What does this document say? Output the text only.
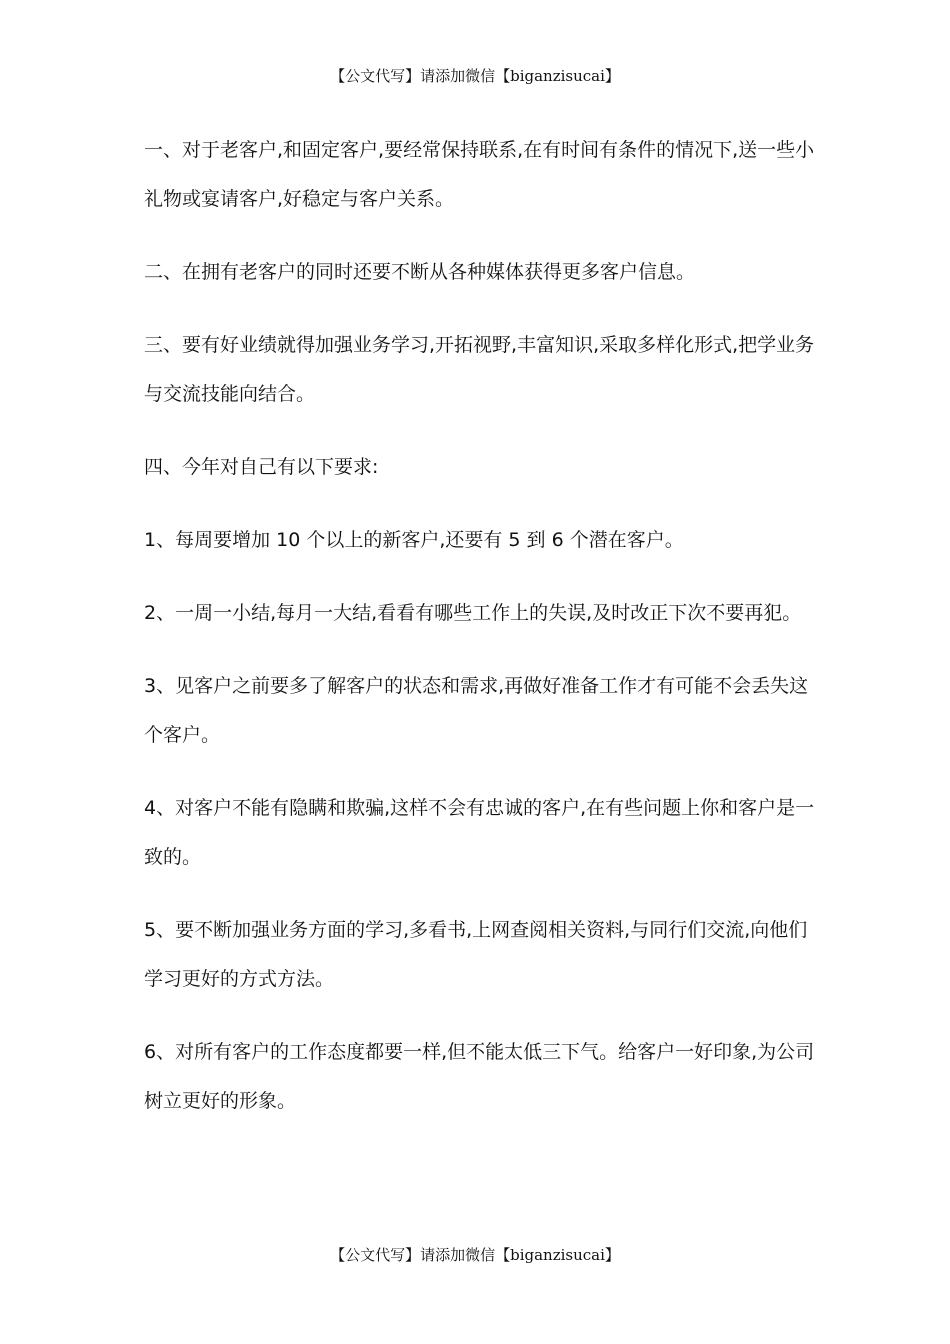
【公文代写】请添加微信【biganzisucai】

一、对于老客户,和固定客户,要经常保持联系,在有时间有条件的情况下,送一些小礼物或宴请客户,好稳定与客户关系。

二、在拥有老客户的同时还要不断从各种媒体获得更多客户信息。

三、要有好业绩就得加强业务学习,开拓视野,丰富知识,采取多样化形式,把学业务与交流技能向结合。

四、今年对自己有以下要求:

1、每周要增加 10 个以上的新客户,还要有 5 到 6 个潜在客户。

2、一周一小结,每月一大结,看看有哪些工作上的失误,及时改正下次不要再犯。

3、见客户之前要多了解客户的状态和需求,再做好准备工作才有可能不会丢失这个客户。

4、对客户不能有隐瞒和欺骗,这样不会有忠诚的客户,在有些问题上你和客户是一致的。

5、要不断加强业务方面的学习,多看书,上网查阅相关资料,与同行们交流,向他们学习更好的方式方法。

6、对所有客户的工作态度都要一样,但不能太低三下气。给客户一好印象,为公司树立更好的形象。

【公文代写】请添加微信【biganzisucai】
